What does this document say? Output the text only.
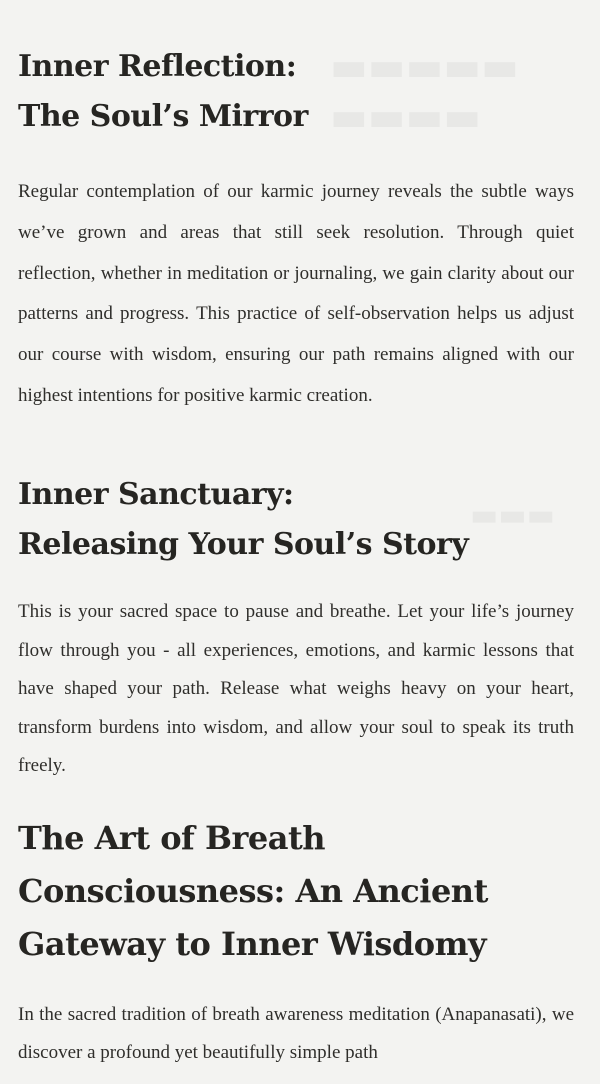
▬▬▬▬▬
▬▬▬▬
▬▬▬
Inner Reflection:
The Soul’s Mirror

Regular contemplation of our karmic journey reveals the subtle ways we’ve grown and areas that still seek resolution. Through quiet reflection, whether in meditation or journaling, we gain clarity about our patterns and progress. This practice of self-observation helps us adjust our course with wisdom, ensuring our path remains aligned with our highest intentions for positive karmic creation.

Inner Sanctuary:
Releasing Your Soul’s Story

This is your sacred space to pause and breathe. Let your life’s journey flow through you - all experiences, emotions, and karmic lessons that have shaped your path. Release what weighs heavy on your heart, transform burdens into wisdom, and allow your soul to speak its truth freely.

The Art of Breath
Consciousness: An Ancient
Gateway to Inner Wisdomy

In the sacred tradition of breath awareness meditation (Anapanasati), we discover a profound yet beautifully simple path
